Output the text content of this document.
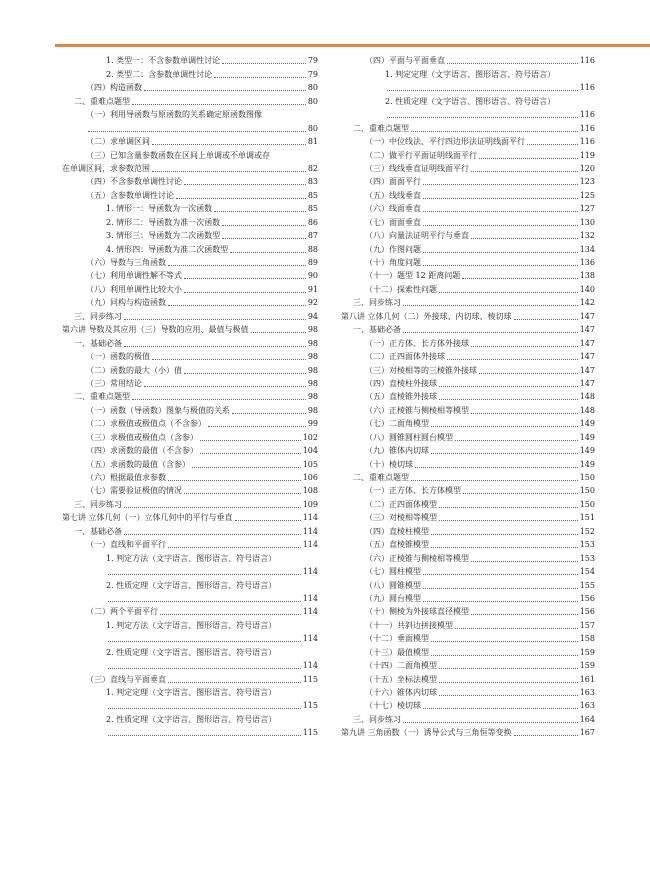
1. 类型一：不含参数单调性讨论	79
2. 类型二：含参数单调性讨论	79
（四）构造函数	80
二、重难点题型	80
（一）利用导函数与原函数的关系确定原函数图像
80
（二）求单调区间	81
（三）已知含量参数函数在区间上单调或不单调或存
在单调区间，求参数范围	82
（四）不含参数单调性讨论	83
（五）含参数单调性讨论	85
1. 情形一：导函数为一次函数	85
2. 情形二：导函数为准一次函数	86
3. 情形三：导函数为二次函数型	87
4. 情形四：导函数为准二次函数型	88
（六）导数与三角函数	89
（七）利用单调性解不等式	90
（八）利用单调性比较大小	91
（九）同构与构造函数	92
三、同步练习	94
第六讲 导数及其应用（三）导数的应用、最值与极值	98
一、基础必备	98
（一）函数的极值	98
（二）函数的最大（小）值	98
（三）常用结论	98
二、重难点题型	98
（一）函数（导函数）图象与极值的关系	98
（二）求极值或极值点（不含参）	99
（三）求极值或极值点（含参）	102
（四）求函数的最值（不含参）	104
（五）求函数的最值（含参）	105
（六）根据最值求参数	106
（七）需要验证极值的情况	108
三、同步练习	109
第七讲 立体几何（一）立体几何中的平行与垂直	114
一、基础必备	114
（一）直线和平面平行	114
1. 判定方法（文字语言、图形语言、符号语言）
114
2. 性质定理（文字语言、图形语言、符号语言）
114
（二）两个平面平行	114
1. 判定方法（文字语言、图形语言、符号语言）
114
2. 性质定理（文字语言、图形语言、符号语言）
114
（三）直线与平面垂直	115
1. 判定定理（文字语言、图形语言、符号语言）
115
2. 性质定理（文字语言、图形语言、符号语言）
115
（四）平面与平面垂直	116
1. 判定定理（文字语言、图形语言、符号语言）
116
2. 性质定理（文字语言、图形语言、符号语言）
116
二、重难点题型	116
（一）中位线法、平行四边形法证明线面平行	116
（二）做平行平面证明线面平行	119
（三）线线垂直证明线面平行	120
（四）面面平行	123
（五）线线垂直	125
（六）线面垂直	127
（七）面面垂直	130
（八）向量法证明平行与垂直	132
（九）作图问题	134
（十）角度问题	136
（十一）题型 12 距离问题	138
（十二）探索性问题	140
三、同步练习	142
第八讲 立体几何（二）外接球、内切球、棱切球	147
一、基础必备	147
（一）正方体、长方体外接球	147
（二）正四面体外接球	147
（三）对棱相等的三棱锥外接球	147
（四）直棱柱外接球	147
（五）直棱锥外接球	148
（六）正棱锥与侧棱相等模型	148
（七）二面角模型	149
（八）圆锥圆柱圆台模型	149
（九）锥体内切球	149
（十）棱切球	149
二、重难点题型	150
（一）正方体、长方体模型	150
（二）正四面体模型	150
（三）对棱相等模型	151
（四）直棱柱模型	152
（五）直棱锥模型	153
（六）正棱锥与侧棱相等模型	153
（七）圆柱模型	154
（八）圆锥模型	155
（九）圆台模型	156
（十）侧棱为外接球直径模型	156
（十一）共斜边拼接模型	157
（十二）垂面模型	158
（十三）最值模型	159
（十四）二面角模型	159
（十五）坐标法模型	161
（十六）锥体内切球	163
（十七）棱切球	163
三、同步练习	164
第九讲 三角函数（一）诱导公式与三角恒等变换	167
